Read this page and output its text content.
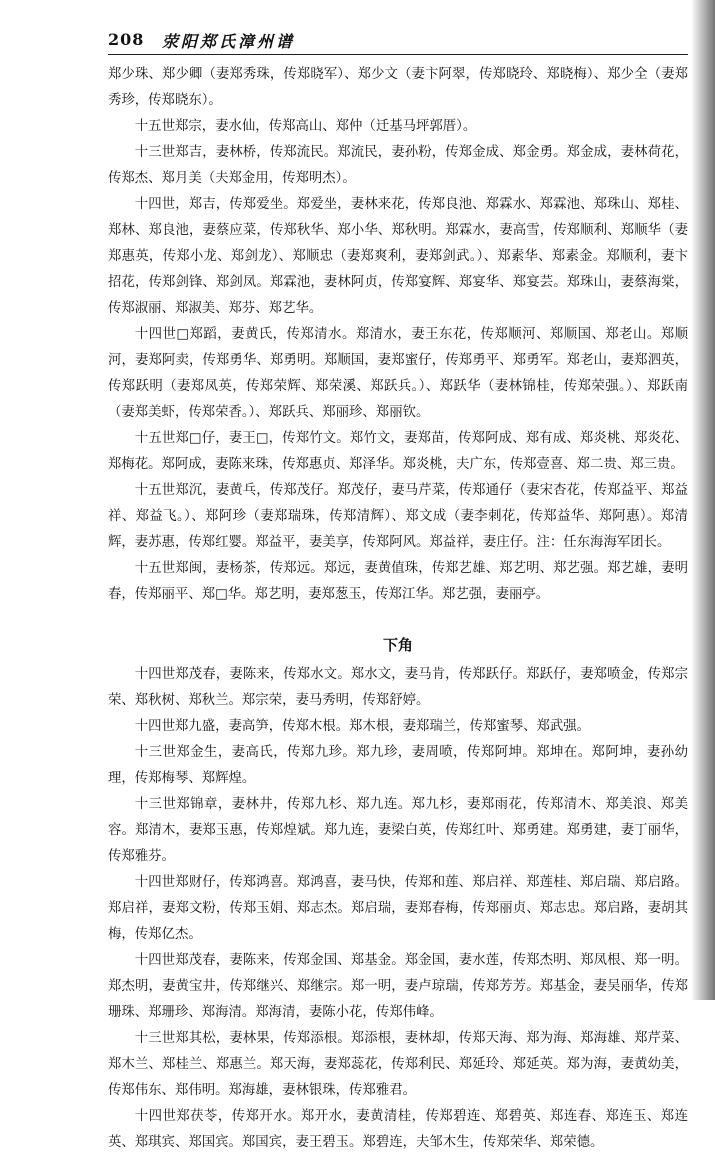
208 荥阳郑氏漳州谱

郑少珠、郑少卿（妻郑秀珠，传郑晓军）、郑少文（妻卞阿翠，传郑晓玲、郑晓梅）、郑少全（妻郑秀珍，传郑晓东）。

十五世郑宗，妻水仙，传郑高山、郑仲（迁基马坪郭厝）。

十三世郑吉，妻林桥，传郑流民。郑流民，妻孙粉，传郑金成、郑金勇。郑金成，妻林荷花，传郑杰、郑月美（夫郑金用，传郑明杰）。

十四世，郑吉，传郑爱坐。郑爱坐，妻林来花，传郑良池、郑霖水、郑霖池、郑珠山、郑桂、郑林、郑良池，妻蔡应菜，传郑秋华、郑小华、郑秋明。郑霖水，妻高雪，传郑顺利、郑顺华（妻郑惠英，传郑小龙、郑剑龙）、郑顺忠（妻郑爽利，妻郑剑武。）、郑素华、郑素金。郑顺利，妻卞招花，传郑剑锋、郑剑凤。郑霖池，妻林阿贞，传郑宴辉、郑宴华、郑宴芸。郑珠山，妻蔡海棠，传郑淑丽、郑淑美、郑芬、郑艺华。

十四世□郑蹈，妻黄氏，传郑清水。郑清水，妻王东花，传郑顺河、郑顺国、郑老山。郑顺河，妻郑阿卖，传郑勇华、郑勇明。郑顺国，妻郑蜜仔，传郑勇平、郑勇军。郑老山，妻郑泗英，传郑跃明（妻郑凤英，传郑荣辉、郑荣溪、郑跃兵。）、郑跃华（妻林锦桂，传郑荣强。）、郑跃南（妻郑美虾，传郑荣香。）、郑跃兵、郑丽珍、郑丽钦。

十五世郑□仔，妻王□，传郑竹文。郑竹文，妻郑苗，传郑阿成、郑有成、郑炎桃、郑炎花、郑梅花。郑阿成，妻陈来珠，传郑惠贞、郑泽华。郑炎桃，夫广东，传郑壹喜、郑二贵、郑三贵。

十五世郑沉，妻黄乓，传郑茂仔。郑茂仔，妻马芹菜，传郑通仔（妻宋杏花，传郑益平、郑益祥、郑益飞。）、郑阿珍（妻郑瑞珠，传郑清辉）、郑文成（妻李刺花，传郑益华、郑阿惠）。郑清辉，妻苏惠，传郑红婴。郑益平，妻美享，传郑阿风。郑益祥，妻庄仔。注：任东海海军团长。

十五世郑闽，妻杨茶，传郑远。郑远，妻黄值珠，传郑艺雄、郑艺明、郑艺强。郑艺雄，妻明春，传郑丽平、郑□华。郑艺明，妻郑葱玉，传郑江华。郑艺强，妻丽亭。

下角

十四世郑茂春，妻陈来，传郑水文。郑水文，妻马肯，传郑跃仔。郑跃仔，妻郑喷金，传郑宗荣、郑秋树、郑秋兰。郑宗荣，妻马秀明，传郑舒婷。

十四世郑九盛，妻高笋，传郑木根。郑木根，妻郑瑞兰，传郑蜜琴、郑武强。

十三世郑金生，妻高氏，传郑九珍。郑九珍，妻周喷，传郑阿坤。郑坤在。郑阿坤，妻孙幼理，传郑梅琴、郑辉煌。

十三世郑锦章，妻林井，传郑九杉、郑九连。郑九杉，妻郑雨花，传郑清木、郑美浪、郑美容。郑清木，妻郑玉惠，传郑煌斌。郑九连，妻梁白英，传郑红叶、郑勇建。郑勇建，妻丁丽华，传郑雅芬。

十四世郑财仔，传郑鸿喜。郑鸿喜，妻马快，传郑和莲、郑启祥、郑莲桂、郑启瑞、郑启路。郑启祥，妻郑文粉，传郑玉娟、郑志杰。郑启瑞，妻郑春梅，传郑丽贞、郑志忠。郑启路，妻胡其梅，传郑亿杰。

十四世郑茂春，妻陈来，传郑金国、郑基金。郑金国，妻水莲，传郑杰明、郑凤根、郑一明。郑杰明，妻黄宝井，传郑继兴、郑继宗。郑一明，妻卢琼瑞，传郑芳芳。郑基金，妻吴丽华，传郑珊珠、郑珊珍、郑海清。郑海清，妻陈小花，传郑伟峰。

十三世郑其松，妻林果，传郑添根。郑添根，妻林却，传郑天海、郑为海、郑海雄、郑芹菜、郑木兰、郑桂兰、郑惠兰。郑天海，妻郑蕊花，传郑利民、郑延玲、郑延英。郑为海，妻黄幼美，传郑伟东、郑伟明。郑海雄，妻林银珠，传郑雅君。

十四世郑茯苓，传郑开水。郑开水，妻黄清桂，传郑碧连、郑碧英、郑连春、郑连玉、郑连英、郑琪宾、郑国宾。郑国宾，妻王碧玉。郑碧连，夫邹木生，传郑荣华、郑荣德。
